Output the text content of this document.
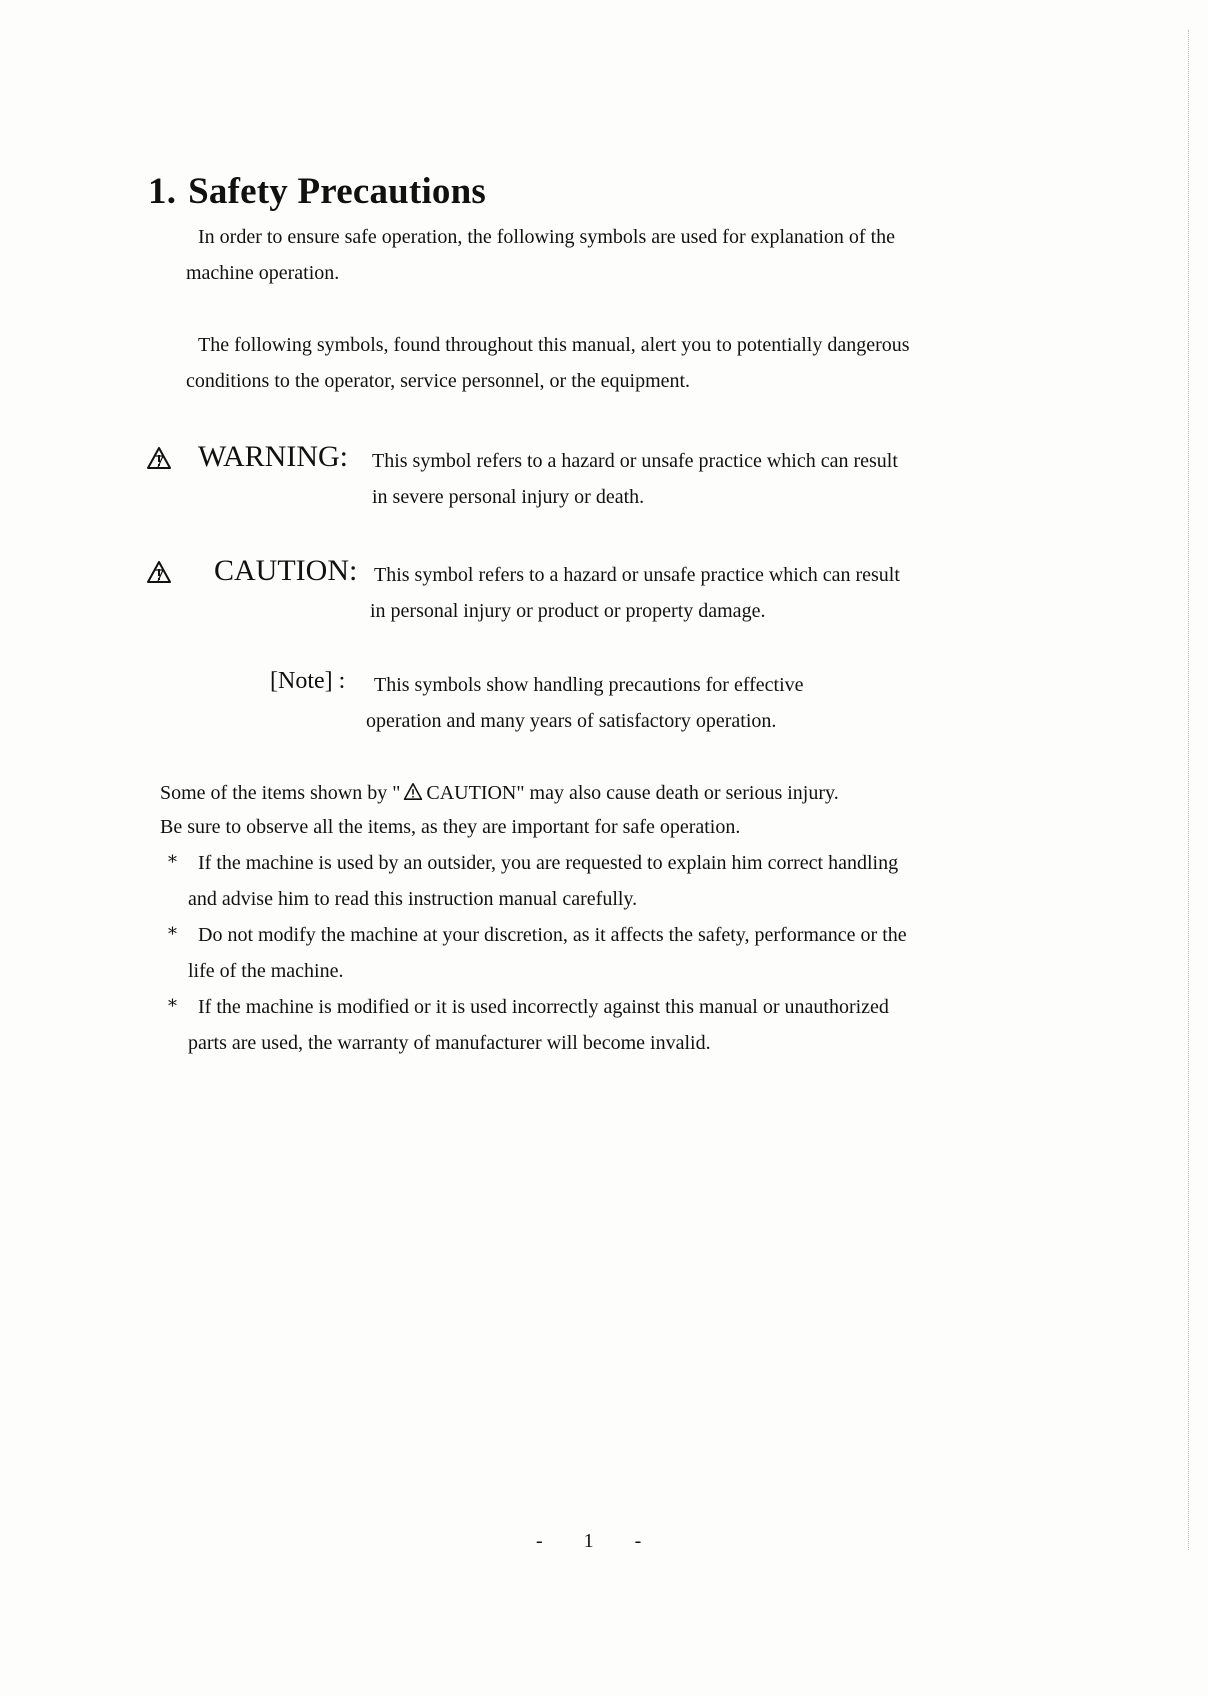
1. Safety Precautions
In order to ensure safe operation, the following symbols are used for explanation of the
machine operation.
The following symbols, found throughout this manual, alert you to potentially dangerous
conditions to the operator, service personnel, or the equipment.
WARNING: This symbol refers to a hazard or unsafe practice which can result
in severe personal injury or death.
CAUTION: This symbol refers to a hazard or unsafe practice which can result
in personal injury or product or property damage.
[Note] : This symbols show handling precautions for effective
operation and many years of satisfactory operation.
Some of the items shown by " CAUTION" may also cause death or serious injury.
Be sure to observe all the items, as they are important for safe operation.
* If the machine is used by an outsider, you are requested to explain him correct handling
and advise him to read this instruction manual carefully.
* Do not modify the machine at your discretion, as it affects the safety, performance or the
life of the machine.
* If the machine is modified or it is used incorrectly against this manual or unauthorized
parts are used, the warranty of manufacturer will become invalid.
- 1 -
